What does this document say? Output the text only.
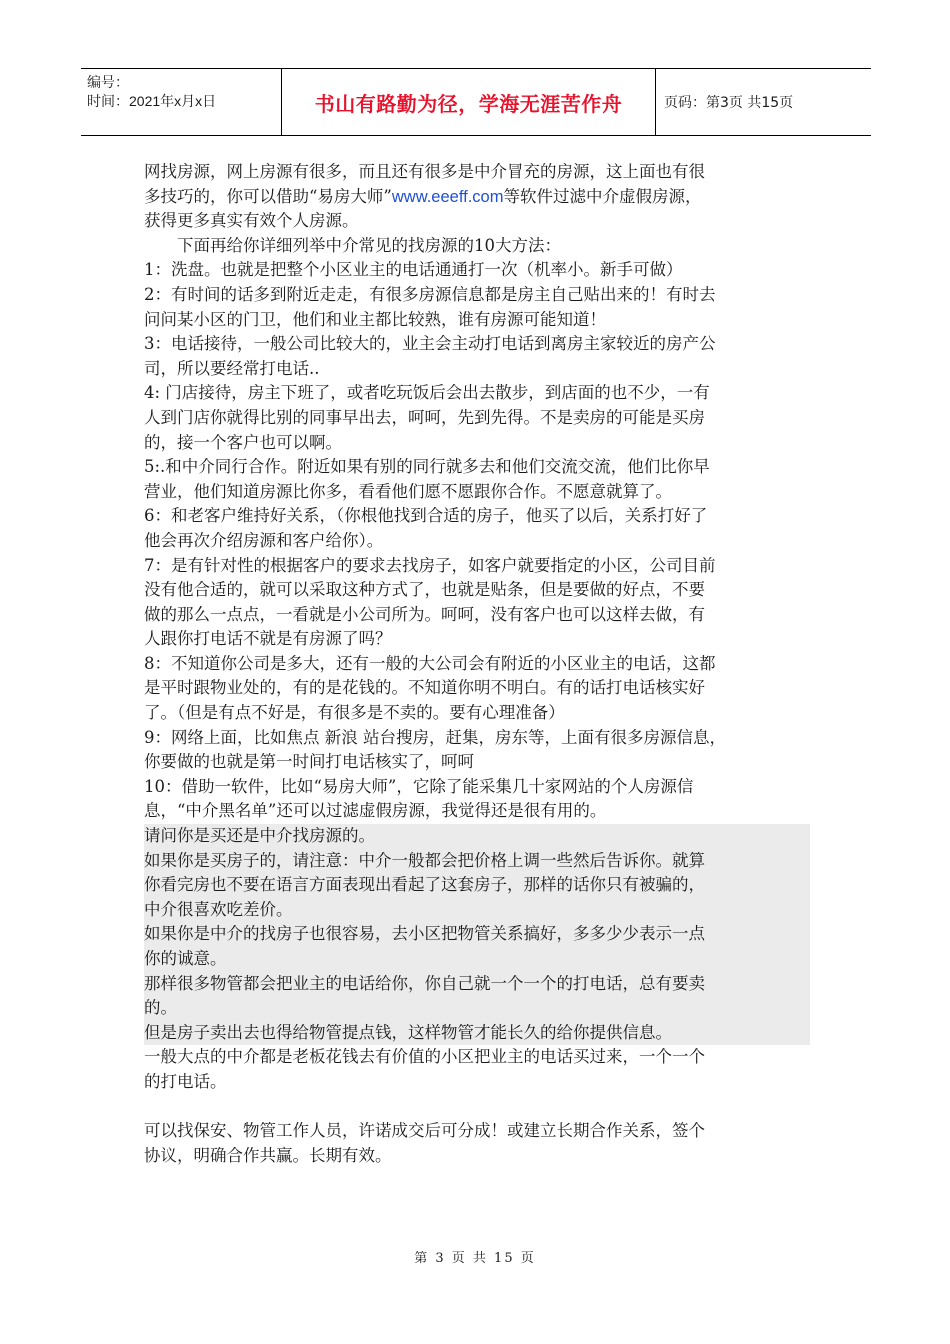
编号：
时间：2021年x月x日	书山有路勤为径，学海无涯苦作舟	页码：第3页 共15页

网找房源，网上房源有很多，而且还有很多是中介冒充的房源，这上面也有很

多技巧的，你可以借助“易房大师”www.eeeff.com等软件过滤中介虚假房源，

获得更多真实有效个人房源。

下面再给你详细列举中介常见的找房源的10大方法：

1：洗盘。也就是把整个小区业主的电话通通打一次（机率小。新手可做）

2：有时间的话多到附近走走，有很多房源信息都是房主自己贴出来的！有时去

问问某小区的门卫，他们和业主都比较熟，谁有房源可能知道！

3：电话接待，一般公司比较大的，业主会主动打电话到离房主家较近的房产公

司，所以要经常打电话..

4: 门店接待，房主下班了，或者吃玩饭后会出去散步，到店面的也不少，一有

人到门店你就得比别的同事早出去，呵呵，先到先得。不是卖房的可能是买房

的，接一个客户也可以啊。

5:.和中介同行合作。附近如果有别的同行就多去和他们交流交流，他们比你早

营业，他们知道房源比你多，看看他们愿不愿跟你合作。不愿意就算了。

6：和老客户维持好关系，（你根他找到合适的房子，他买了以后，关系打好了

他会再次介绍房源和客户给你）。

7：是有针对性的根据客户的要求去找房子，如客户就要指定的小区，公司目前

没有他合适的，就可以采取这种方式了，也就是贴条，但是要做的好点，不要

做的那么一点点，一看就是小公司所为。呵呵，没有客户也可以这样去做，有

人跟你打电话不就是有房源了吗？

8：不知道你公司是多大，还有一般的大公司会有附近的小区业主的电话，这都

是平时跟物业处的，有的是花钱的。不知道你明不明白。有的话打电话核实好

了。（但是有点不好是，有很多是不卖的。要有心理准备）

9：网络上面，比如焦点 新浪 站台搜房，赶集，房东等，上面有很多房源信息，

你要做的也就是第一时间打电话核实了，呵呵

10：借助一软件，比如“易房大师”，它除了能采集几十家网站的个人房源信

息，“中介黑名单”还可以过滤虚假房源，我觉得还是很有用的。

请问你是买还是中介找房源的。

如果你是买房子的，请注意：中介一般都会把价格上调一些然后告诉你。就算

你看完房也不要在语言方面表现出看起了这套房子，那样的话你只有被骗的，

中介很喜欢吃差价。

如果你是中介的找房子也很容易，去小区把物管关系搞好，多多少少表示一点

你的诚意。

那样很多物管都会把业主的电话给你，你自己就一个一个的打电话，总有要卖

的。

但是房子卖出去也得给物管提点钱，这样物管才能长久的给你提供信息。

一般大点的中介都是老板花钱去有价值的小区把业主的电话买过来，一个一个

的打电话。

可以找保安、物管工作人员，许诺成交后可分成！或建立长期合作关系，签个

协议，明确合作共赢。长期有效。

第 3 页 共 15 页
